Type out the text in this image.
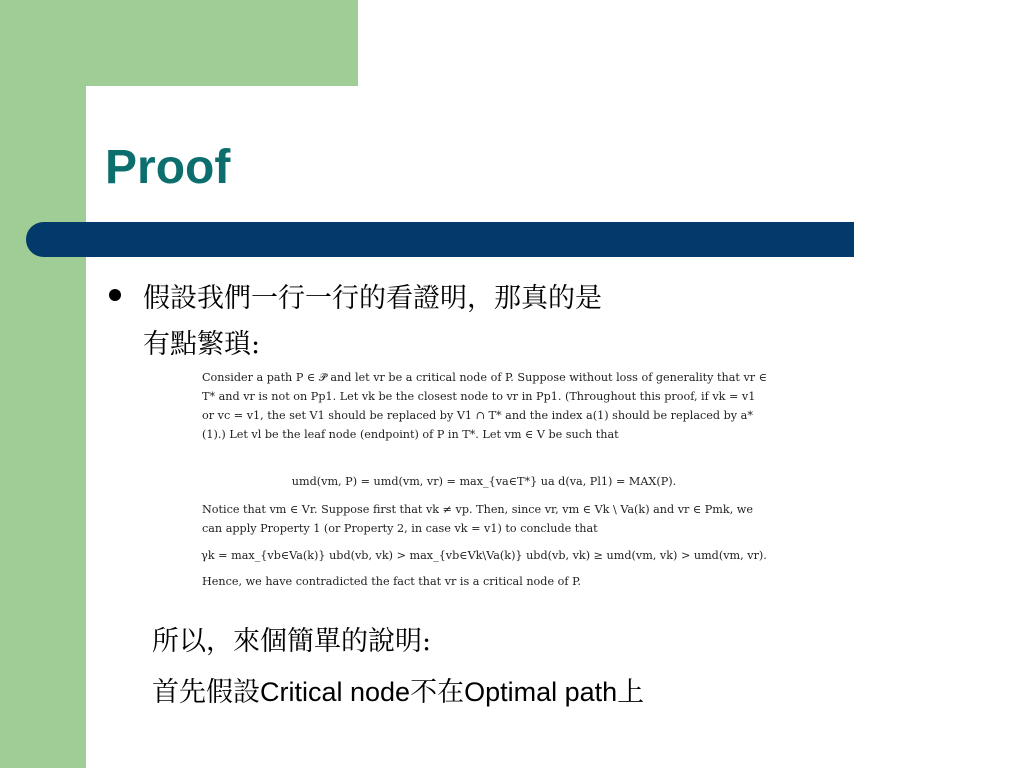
Proof
假設我們一行一行的看證明，那真的是
有點繁瑣:
Consider a path P ∈ 𝒫̄ and let vr be a critical node of P. Suppose without loss of generality that vr ∈ T* and vr is not on Pp1. Let vk be the closest node to vr in Pp1. (Throughout this proof, if vk = v1 or vc = v1, the set V1 should be replaced by V1 ∩ T* and the index a(1) should be replaced by a*(1).) Let vl be the leaf node (endpoint) of P in T*. Let vm ∈ V be such that
umd(vm, P) = umd(vm, vr) = max_{va∈T*} ua d(va, Pl1) = MAX(P).
Notice that vm ∈ Vr. Suppose first that vk ≠ vp. Then, since vr, vm ∈ Vk \ Va(k) and vr ∈ Pmk, we can apply Property 1 (or Property 2, in case vk = v1) to conclude that
γk = max_{vb∈Va(k)} ubd(vb, vk) > max_{vb∈Vk\Va(k)} ubd(vb, vk) ≥ umd(vm, vk) > umd(vm, vr).
Hence, we have contradicted the fact that vr is a critical node of P.
所以，來個簡單的說明:
首先假設Critical node不在Optimal path上
